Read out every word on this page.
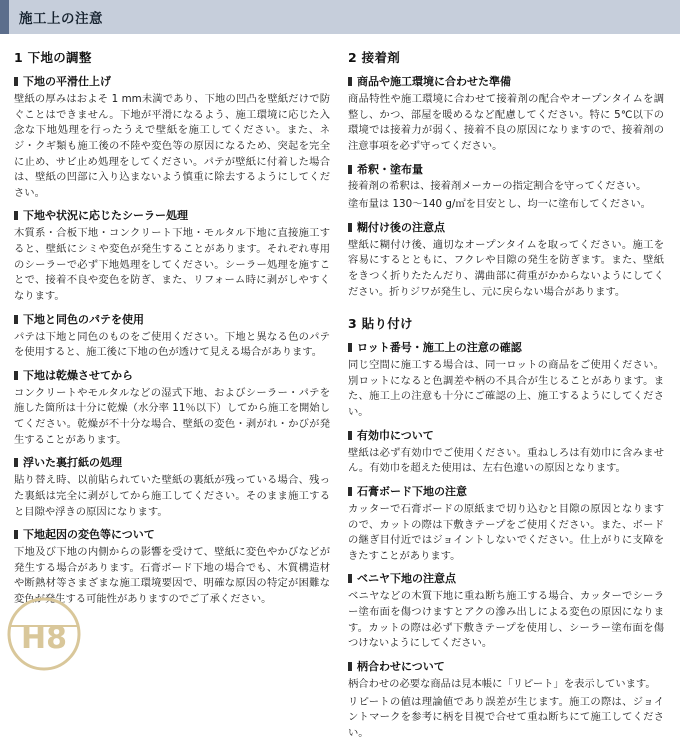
施工上の注意
1 下地の調整
下地の平滑仕上げ

壁紙の厚みはおよそ 1 mm未満であり、下地の凹凸を壁紙だけで防ぐことはできません。下地が平滑になるよう、施工環境に応じた入念な下地処理を行ったうえで壁紙を施工してください。また、ネジ・クギ類も施工後の不陸や変色等の原因になるため、突起を完全に止め、サビ止め処理をしてください。パテが壁紙に付着した場合は、壁紙の凹部に入り込まないよう慎重に除去するようにしてください。

下地や状況に応じたシーラー処理

木質系・合板下地・コンクリート下地・モルタル下地に直接施工すると、壁紙にシミや変色が発生することがあります。それぞれ専用のシーラーで必ず下地処理をしてください。シーラー処理を施すことで、接着不良や変色を防ぎ、また、リフォーム時に剥がしやすくなります。

下地と同色のパテを使用

パテは下地と同色のものをご使用ください。下地と異なる色のパテを使用すると、施工後に下地の色が透けて見える場合があります。

下地は乾燥させてから

コンクリートやモルタルなどの湿式下地、およびシーラー・パテを施した箇所は十分に乾燥（水分率 11％以下）してから施工を開始してください。乾燥が不十分な場合、壁紙の変色・剥がれ・かびが発生することがあります。

浮いた裏打紙の処理

貼り替え時、以前貼られていた壁紙の裏紙が残っている場合、残った裏紙は完全に剥がしてから施工してください。そのまま施工すると目隙や浮きの原因になります。

下地起因の変色等について

下地及び下地の内側からの影響を受けて、壁紙に変色やかびなどが発生する場合があります。石膏ボード下地の場合でも、木質構造材や断熱材等さまざまな施工環境要因で、明確な原因の特定が困難な変色が発生する可能性がありますのでご了承ください。

2 接着剤
商品や施工環境に合わせた準備

商品特性や施工環境に合わせて接着剤の配合やオープンタイムを調整し、かつ、部屋を暖めるなど配慮してください。特に 5℃以下の環境では接着力が弱く、接着不良の原因になりますので、接着剤の注意事項を必ず守ってください。

希釈・塗布量

接着剤の希釈は、接着剤メーカーの指定割合を守ってください。

塗布量は 130～140 g/㎡を目安とし、均一に塗布してください。

糊付け後の注意点

壁紙に糊付け後、適切なオープンタイムを取ってください。施工を容易にするとともに、フクレや目隙の発生を防ぎます。また、壁紙をきつく折りたたんだり、溝曲部に荷重がかからないようにしてください。折りジワが発生し、元に戻らない場合があります。

3 貼り付け
ロット番号・施工上の注意の確認

同じ空間に施工する場合は、同一ロットの商品をご使用ください。別ロットになると色調差や柄の不具合が生じることがあります。また、施工上の注意も十分にご確認の上、施工するようにしてください。

有効巾について

壁紙は必ず有効巾でご使用ください。重ねしろは有効巾に含みません。有効巾を超えた使用は、左右色違いの原因となります。

石膏ボード下地の注意

カッターで石膏ボードの原紙まで切り込むと目隙の原因となりますので、カットの際は下敷きテープをご使用ください。また、ボードの継ぎ目付近ではジョイントしないでください。仕上がりに支障をきたすことがあります。

ベニヤ下地の注意点

ベニヤなどの木質下地に重ね断ち施工する場合、カッターでシーラー塗布面を傷つけますとアクの滲み出しによる変色の原因になります。カットの際は必ず下敷きテープを使用し、シーラー塗布面を傷つけないようにしてください。

柄合わせについて

柄合わせの必要な商品は見本帳に「リピート」を表示しています。

リピートの値は理論値であり誤差が生じます。施工の際は、ジョイントマークを参考に柄を目視で合せて重ね断ちにて施工してください。

H8
